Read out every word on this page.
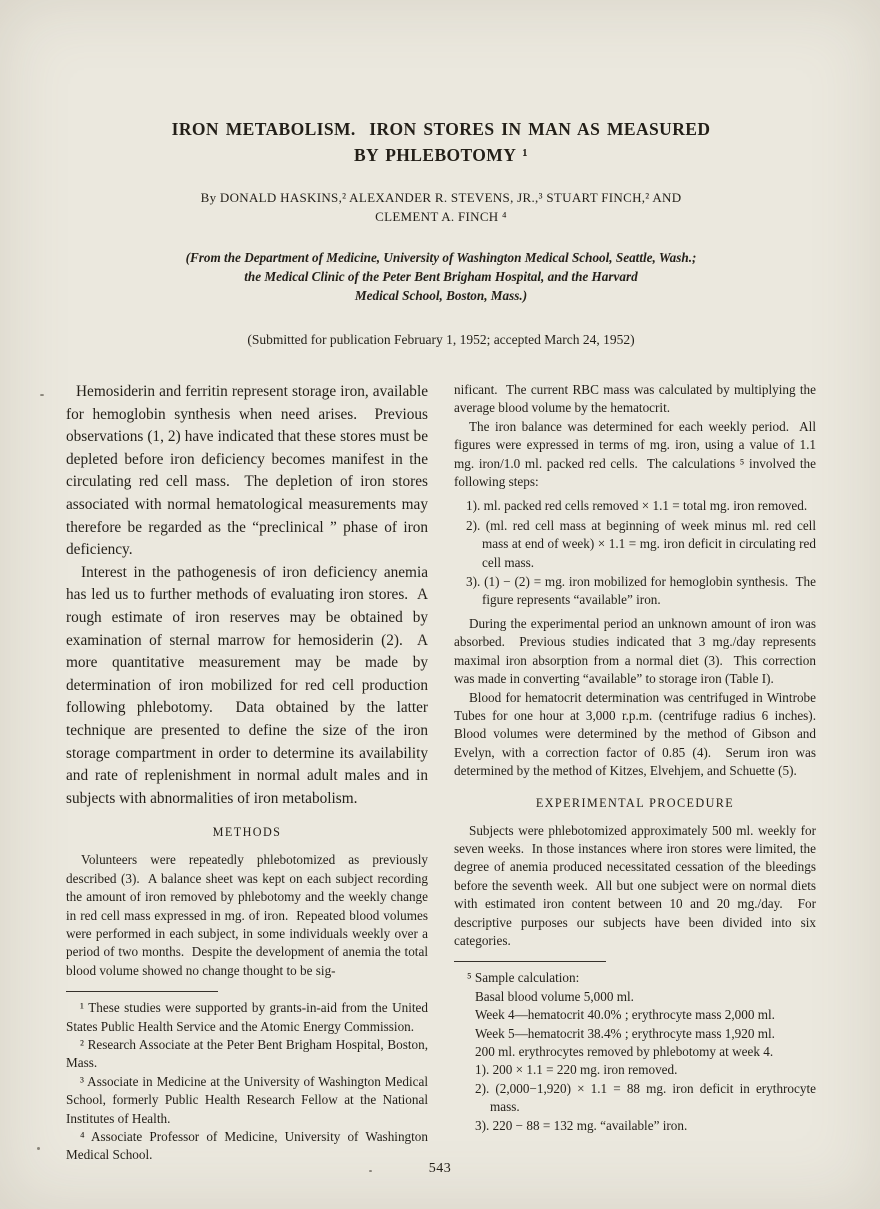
IRON METABOLISM.  IRON STORES IN MAN AS MEASURED
BY PHLEBOTOMY ¹
By DONALD HASKINS,² ALEXANDER R. STEVENS, JR.,³ STUART FINCH,² AND
CLEMENT A. FINCH ⁴
(From the Department of Medicine, University of Washington Medical School, Seattle, Wash.;
the Medical Clinic of the Peter Bent Brigham Hospital, and the Harvard
Medical School, Boston, Mass.)
(Submitted for publication February 1, 1952; accepted March 24, 1952)

Hemosiderin and ferritin represent storage iron, available for hemoglobin synthesis when need arises.  Previous observations (1, 2) have indicated that these stores must be depleted before iron deficiency becomes manifest in the circulating red cell mass.  The depletion of iron stores associated with normal hematological measurements may therefore be regarded as the “preclinical ” phase of iron deficiency.

Interest in the pathogenesis of iron deficiency anemia has led us to further methods of evaluating iron stores.  A rough estimate of iron reserves may be obtained by examination of sternal marrow for hemosiderin (2).  A more quantitative measurement may be made by determination of iron mobilized for red cell production following phlebotomy.  Data obtained by the latter technique are presented to define the size of the iron storage compartment in order to determine its availability and rate of replenishment in normal adult males and in subjects with abnormalities of iron metabolism.

METHODS

Volunteers were repeatedly phlebotomized as previously described (3).  A balance sheet was kept on each subject recording the amount of iron removed by phlebotomy and the weekly change in red cell mass expressed in mg. of iron.  Repeated blood volumes were performed in each subject, in some individuals weekly over a period of two months.  Despite the development of anemia the total blood volume showed no change thought to be sig-

¹ These studies were supported by grants-in-aid from the United States Public Health Service and the Atomic Energy Commission.

² Research Associate at the Peter Bent Brigham Hospital, Boston, Mass.

³ Associate in Medicine at the University of Washington Medical School, formerly Public Health Research Fellow at the National Institutes of Health.

⁴ Associate Professor of Medicine, University of Washington Medical School.

nificant.  The current RBC mass was calculated by multiplying the average blood volume by the hematocrit.

The iron balance was determined for each weekly period.  All figures were expressed in terms of mg. iron, using a value of 1.1 mg. iron/1.0 ml. packed red cells.  The calculations ⁵ involved the following steps:

1). ml. packed red cells removed × 1.1 = total mg. iron removed.

2). (ml. red cell mass at beginning of week minus ml. red cell mass at end of week) × 1.1 = mg. iron deficit in circulating red cell mass.

3). (1) − (2) = mg. iron mobilized for hemoglobin synthesis.  The figure represents “available” iron.

During the experimental period an unknown amount of iron was absorbed.  Previous studies indicated that 3 mg./day represents maximal iron absorption from a normal diet (3).  This correction was made in converting “available” to storage iron (Table I).

Blood for hematocrit determination was centrifuged in Wintrobe Tubes for one hour at 3,000 r.p.m. (centrifuge radius 6 inches).  Blood volumes were determined by the method of Gibson and Evelyn, with a correction factor of 0.85 (4).  Serum iron was determined by the method of Kitzes, Elvehjem, and Schuette (5).

EXPERIMENTAL PROCEDURE

Subjects were phlebotomized approximately 500 ml. weekly for seven weeks.  In those instances where iron stores were limited, the degree of anemia produced necessitated cessation of the bleedings before the seventh week.  All but one subject were on normal diets with estimated iron content between 10 and 20 mg./day.  For descriptive purposes our subjects have been divided into six categories.

⁵ Sample calculation:

Basal blood volume 5,000 ml.

Week 4—hematocrit 40.0% ; erythrocyte mass 2,000 ml.

Week 5—hematocrit 38.4% ; erythrocyte mass 1,920 ml.

200 ml. erythrocytes removed by phlebotomy at week 4.

1). 200 × 1.1 = 220 mg. iron removed.

2). (2,000−1,920) × 1.1 = 88 mg. iron deficit in erythrocyte mass.

3). 220 − 88 = 132 mg. “available” iron.

543
